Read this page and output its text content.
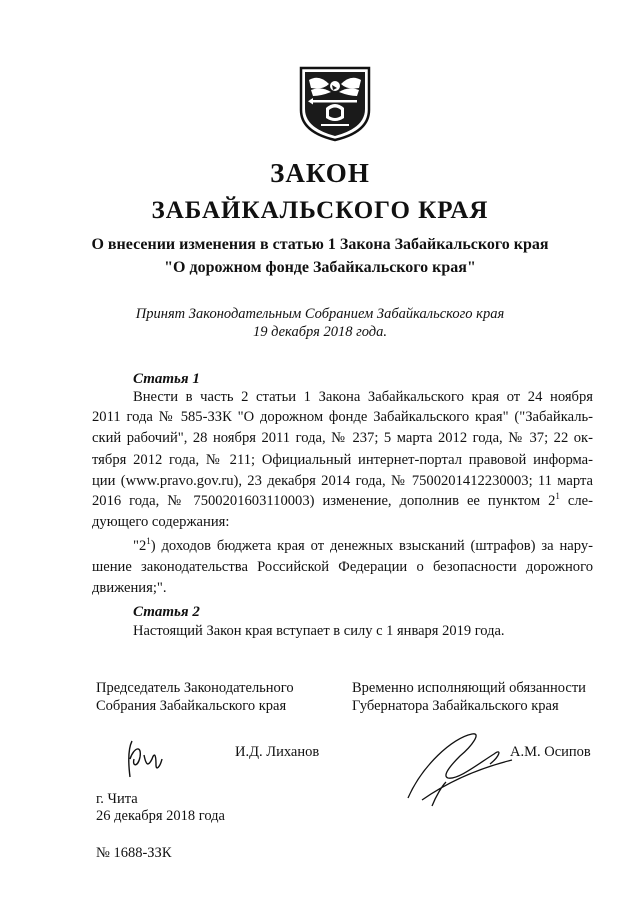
ЗАКОН
ЗАБАЙКАЛЬСКОГО КРАЯ
О внесении изменения в статью 1 Закона Забайкальского края
"О дорожном фонде Забайкальского края"
Принят Законодательным Собранием Забайкальского края
19 декабря 2018 года.
Статья 1
Внести в часть 2 статьи 1 Закона Забайкальского края от 24 ноября
2011 года № 585-ЗЗК "О дорожном фонде Забайкальского края" ("Забайкаль-
ский рабочий", 28 ноября 2011 года, № 237; 5 марта 2012 года, № 37; 22 ок-
тября 2012 года, № 211; Официальный интернет-портал правовой информа-
ции (www.pravo.gov.ru), 23 декабря 2014 года, № 7500201412230003; 11 марта
2016 года, № 7500201603110003) изменение, дополнив ее пунктом $2^1$ сле-
дующего содержания:
"$2^1$) доходов бюджета края от денежных взысканий (штрафов) за нару-
шение законодательства Российской Федерации о безопасности дорожного
движения;".
Статья 2
Настоящий Закон края вступает в силу с 1 января 2019 года.
Председатель Законодательного
Собрания Забайкальского края
Временно исполняющий обязанности
Губернатора Забайкальского края
И.Д. Лиханов	А.М. Осипов
г. Чита
26 декабря 2018 года
№ 1688-ЗЗК
